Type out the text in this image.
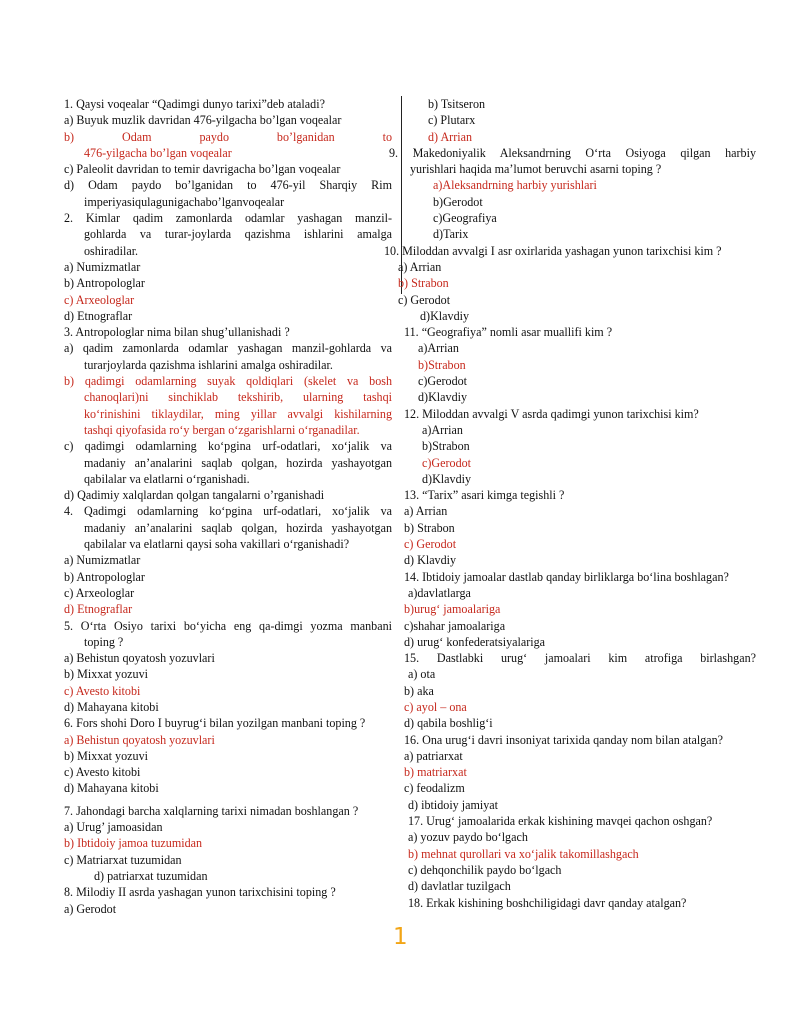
1. Qaysi voqealar “Qadimgi dunyo tarixi”deb ataladi?
a) Buyuk muzlik davridan 476-yilgacha bo’lgan voqealar
b) Odam paydo bo’lganidan to
476-yilgacha bo’lgan voqealar
c) Paleolit davridan to temir davrigacha bo’lgan voqealar
d) Odam paydo bo’lganidan to 476-yil Sharqiy Rim
imperiyasiqulagunigachabo’lganvoqealar
2. Kimlar qadim zamonlarda odamlar yashagan manzil-
gohlarda va turar-joylarda qazishma ishlarini amalga
oshiradilar.
a) Numizmatlar
b) Antropologlar
c) Arxeologlar
d) Etnograflar
3. Antropologlar nima bilan shug’ullanishadi ?
a) qadim zamonlarda odamlar yashagan manzil-gohlarda va
turarjoylarda qazishma ishlarini amalga oshiradilar.
b) qadimgi odamlarning suyak qoldiqlari (skelet va bosh
chanoqlari)ni sinchiklab tekshirib, ularning tashqi
ko‘rinishini tiklaydilar, ming yillar avvalgi kishilarning
tashqi qiyofasida ro‘y bergan o‘zgarishlarni o‘rganadilar.
c) qadimgi odamlarning ko‘pgina urf-odatlari, xo‘jalik va
madaniy an’analarini saqlab qolgan, hozirda yashayotgan
qabilalar va elatlarni o‘rganishadi.
d) Qadimiy xalqlardan qolgan tangalarni o’rganishadi
4. Qadimgi odamlarning ko‘pgina urf-odatlari, xo‘jalik va
madaniy an’analarini saqlab qolgan, hozirda yashayotgan
qabilalar va elatlarni qaysi soha vakillari o‘rganishadi?
a) Numizmatlar
b) Antropologlar
c) Arxeologlar
d) Etnograflar
5. O‘rta Osiyo tarixi bo‘yicha eng qa-dimgi yozma manbani
toping ?
a) Behistun qoyatosh yozuvlari
b) Mixxat yozuvi
c) Avesto kitobi
d) Mahayana kitobi
6. Fors shohi Doro I buyrug‘i bilan yozilgan manbani toping ?
a) Behistun qoyatosh yozuvlari
b) Mixxat yozuvi
c) Avesto kitobi
d) Mahayana kitobi
7. Jahondagi barcha xalqlarning tarixi nimadan boshlangan ?
a) Urug’ jamoasidan
b) Ibtidoiy jamoa tuzumidan
c) Matriarxat tuzumidan
d) patriarxat tuzumidan
8. Milodiy II asrda yashagan yunon tarixchisini toping ?
a) Gerodot
b) Tsitseron
c) Plutarx
d) Arrian
9. Makedoniyalik Aleksandrning O‘rta Osiyoga qilgan harbiy
yurishlari haqida ma’lumot beruvchi asarni toping ?
a)Aleksandrning harbiy yurishlari
b)Gerodot
c)Geografiya
d)Tarix
10. Miloddan avvalgi I asr oxirlarida yashagan yunon tarixchisi kim ?
a) Arrian
b) Strabon
c) Gerodot
d)Klavdiy
11. “Geografiya” nomli asar muallifi kim ?
a)Arrian
b)Strabon
c)Gerodot
d)Klavdiy
12. Miloddan avvalgi V asrda qadimgi yunon tarixchisi kim?
a)Arrian
b)Strabon
c)Gerodot
d)Klavdiy
13. “Tarix” asari kimga tegishli ?
a) Arrian
b) Strabon
c) Gerodot
d) Klavdiy
14. Ibtidoiy jamoalar dastlab qanday birliklarga bo‘lina boshlagan?
a)davlatlarga
b)urug‘ jamoalariga
c)shahar jamoalariga
d) urug‘ konfederatsiyalariga
15. Dastlabki urug‘ jamoalari kim atrofiga birlashgan?
a) ota
b) aka
c) ayol – ona
d) qabila boshlig‘i
16. Ona urug‘i davri insoniyat tarixida qanday nom bilan atalgan?
a) patriarxat
b) matriarxat
c) feodalizm
d) ibtidoiy jamiyat
17. Urug‘ jamoalarida erkak kishining mavqei qachon oshgan?
a) yozuv paydo bo‘lgach
b) mehnat qurollari va xo‘jalik takomillashgach
c) dehqonchilik paydo bo‘lgach
d) davlatlar tuzilgach
18. Erkak kishining boshchiligidagi davr qanday atalgan?
1
